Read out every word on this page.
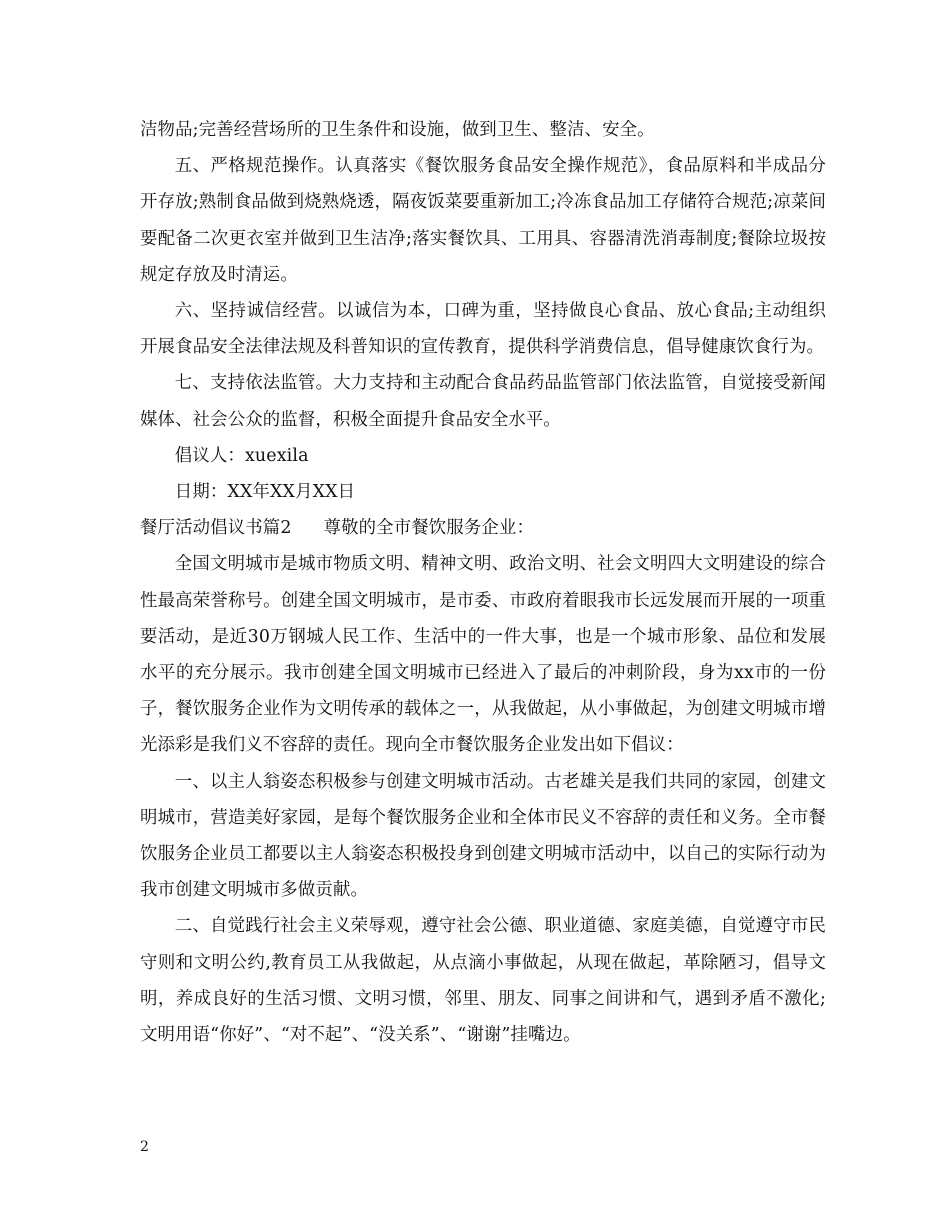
洁物品;完善经营场所的卫生条件和设施，做到卫生、整洁、安全。

五、严格规范操作。认真落实《餐饮服务食品安全操作规范》，食品原料和半成品分开存放;熟制食品做到烧熟烧透，隔夜饭菜要重新加工;冷冻食品加工存储符合规范;凉菜间要配备二次更衣室并做到卫生洁净;落实餐饮具、工用具、容器清洗消毒制度;餐除垃圾按规定存放及时清运。

六、坚持诚信经营。以诚信为本，口碑为重，坚持做良心食品、放心食品;主动组织开展食品安全法律法规及科普知识的宣传教育，提供科学消费信息，倡导健康饮食行为。

七、支持依法监管。大力支持和主动配合食品药品监管部门依法监管，自觉接受新闻媒体、社会公众的监督，积极全面提升食品安全水平。

倡议人：xuexila

日期：XX年XX月XX日

餐厅活动倡议书篇2 尊敬的全市餐饮服务企业：

全国文明城市是城市物质文明、精神文明、政治文明、社会文明四大文明建设的综合性最高荣誉称号。创建全国文明城市，是市委、市政府着眼我市长远发展而开展的一项重要活动，是近30万钢城人民工作、生活中的一件大事，也是一个城市形象、品位和发展水平的充分展示。我市创建全国文明城市已经进入了最后的冲刺阶段，身为xx市的一份子，餐饮服务企业作为文明传承的载体之一，从我做起，从小事做起，为创建文明城市增光添彩是我们义不容辞的责任。现向全市餐饮服务企业发出如下倡议：

一、以主人翁姿态积极参与创建文明城市活动。古老雄关是我们共同的家园，创建文明城市，营造美好家园，是每个餐饮服务企业和全体市民义不容辞的责任和义务。全市餐饮服务企业员工都要以主人翁姿态积极投身到创建文明城市活动中，以自己的实际行动为我市创建文明城市多做贡献。

二、自觉践行社会主义荣辱观，遵守社会公德、职业道德、家庭美德，自觉遵守市民守则和文明公约,教育员工从我做起，从点滴小事做起，从现在做起，革除陋习，倡导文明，养成良好的生活习惯、文明习惯，邻里、朋友、同事之间讲和气，遇到矛盾不激化;文明用语“你好”、“对不起”、“没关系”、“谢谢”挂嘴边。

2
